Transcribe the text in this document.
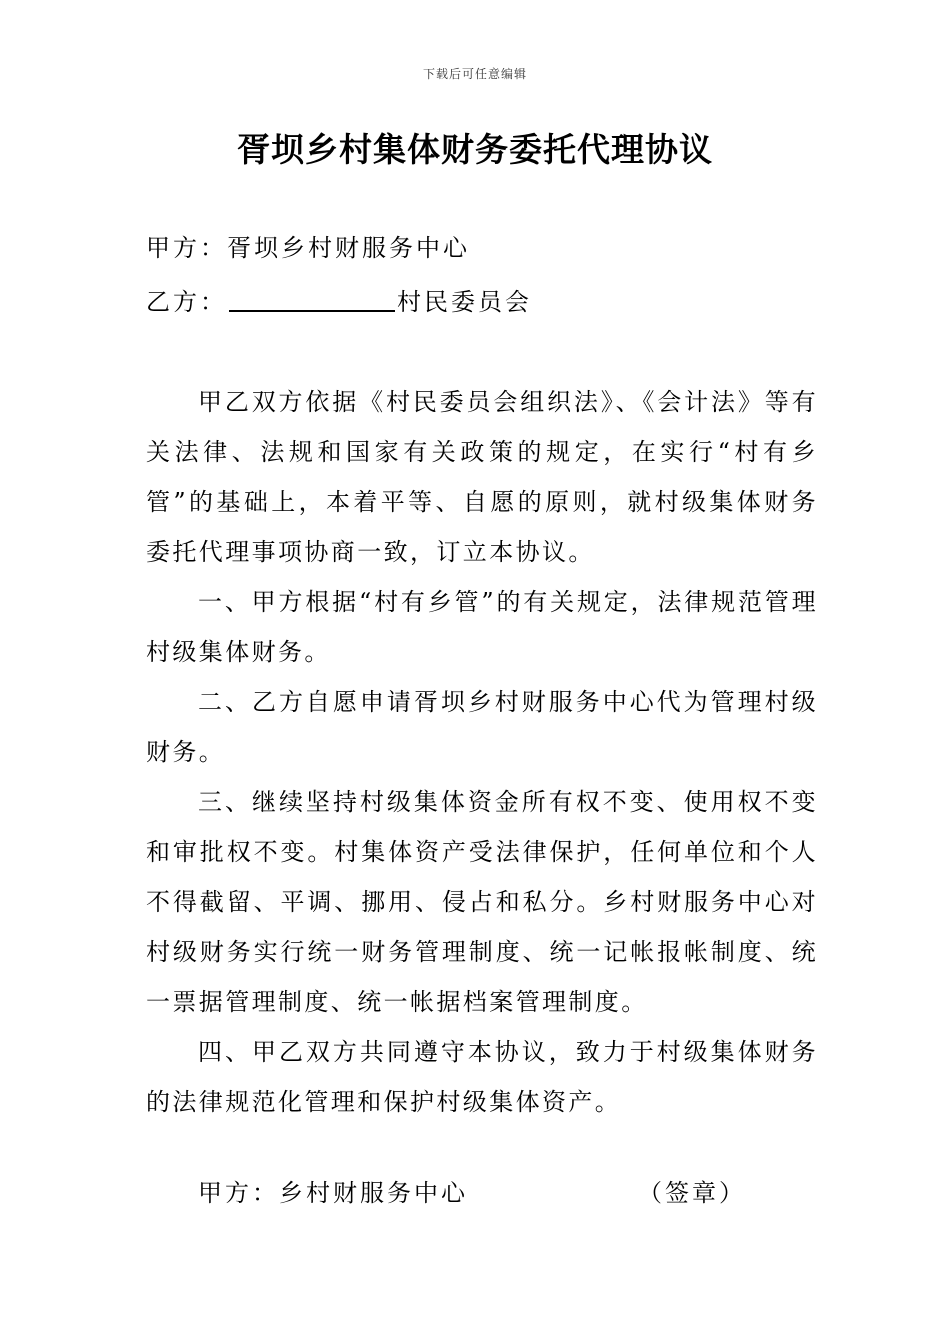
下载后可任意编辑
胥坝乡村集体财务委托代理协议
甲方：胥坝乡村财服务中心
乙方：	村民委员会

甲乙双方依据《村民委员会组织法》、《会计法》等有关法律、法规和国家有关政策的规定，在实行“村有乡管”的基础上，本着平等、自愿的原则，就村级集体财务委托代理事项协商一致，订立本协议。

一、甲方根据“村有乡管”的有关规定，法律规范管理村级集体财务。

二、乙方自愿申请胥坝乡村财服务中心代为管理村级财务。

三、继续坚持村级集体资金所有权不变、使用权不变和审批权不变。村集体资产受法律保护，任何单位和个人不得截留、平调、挪用、侵占和私分。乡村财服务中心对村级财务实行统一财务管理制度、统一记帐报帐制度、统一票据管理制度、统一帐据档案管理制度。

四、甲乙双方共同遵守本协议，致力于村级集体财务的法律规范化管理和保护村级集体资产。

甲方：乡村财服务中心	（签章）
